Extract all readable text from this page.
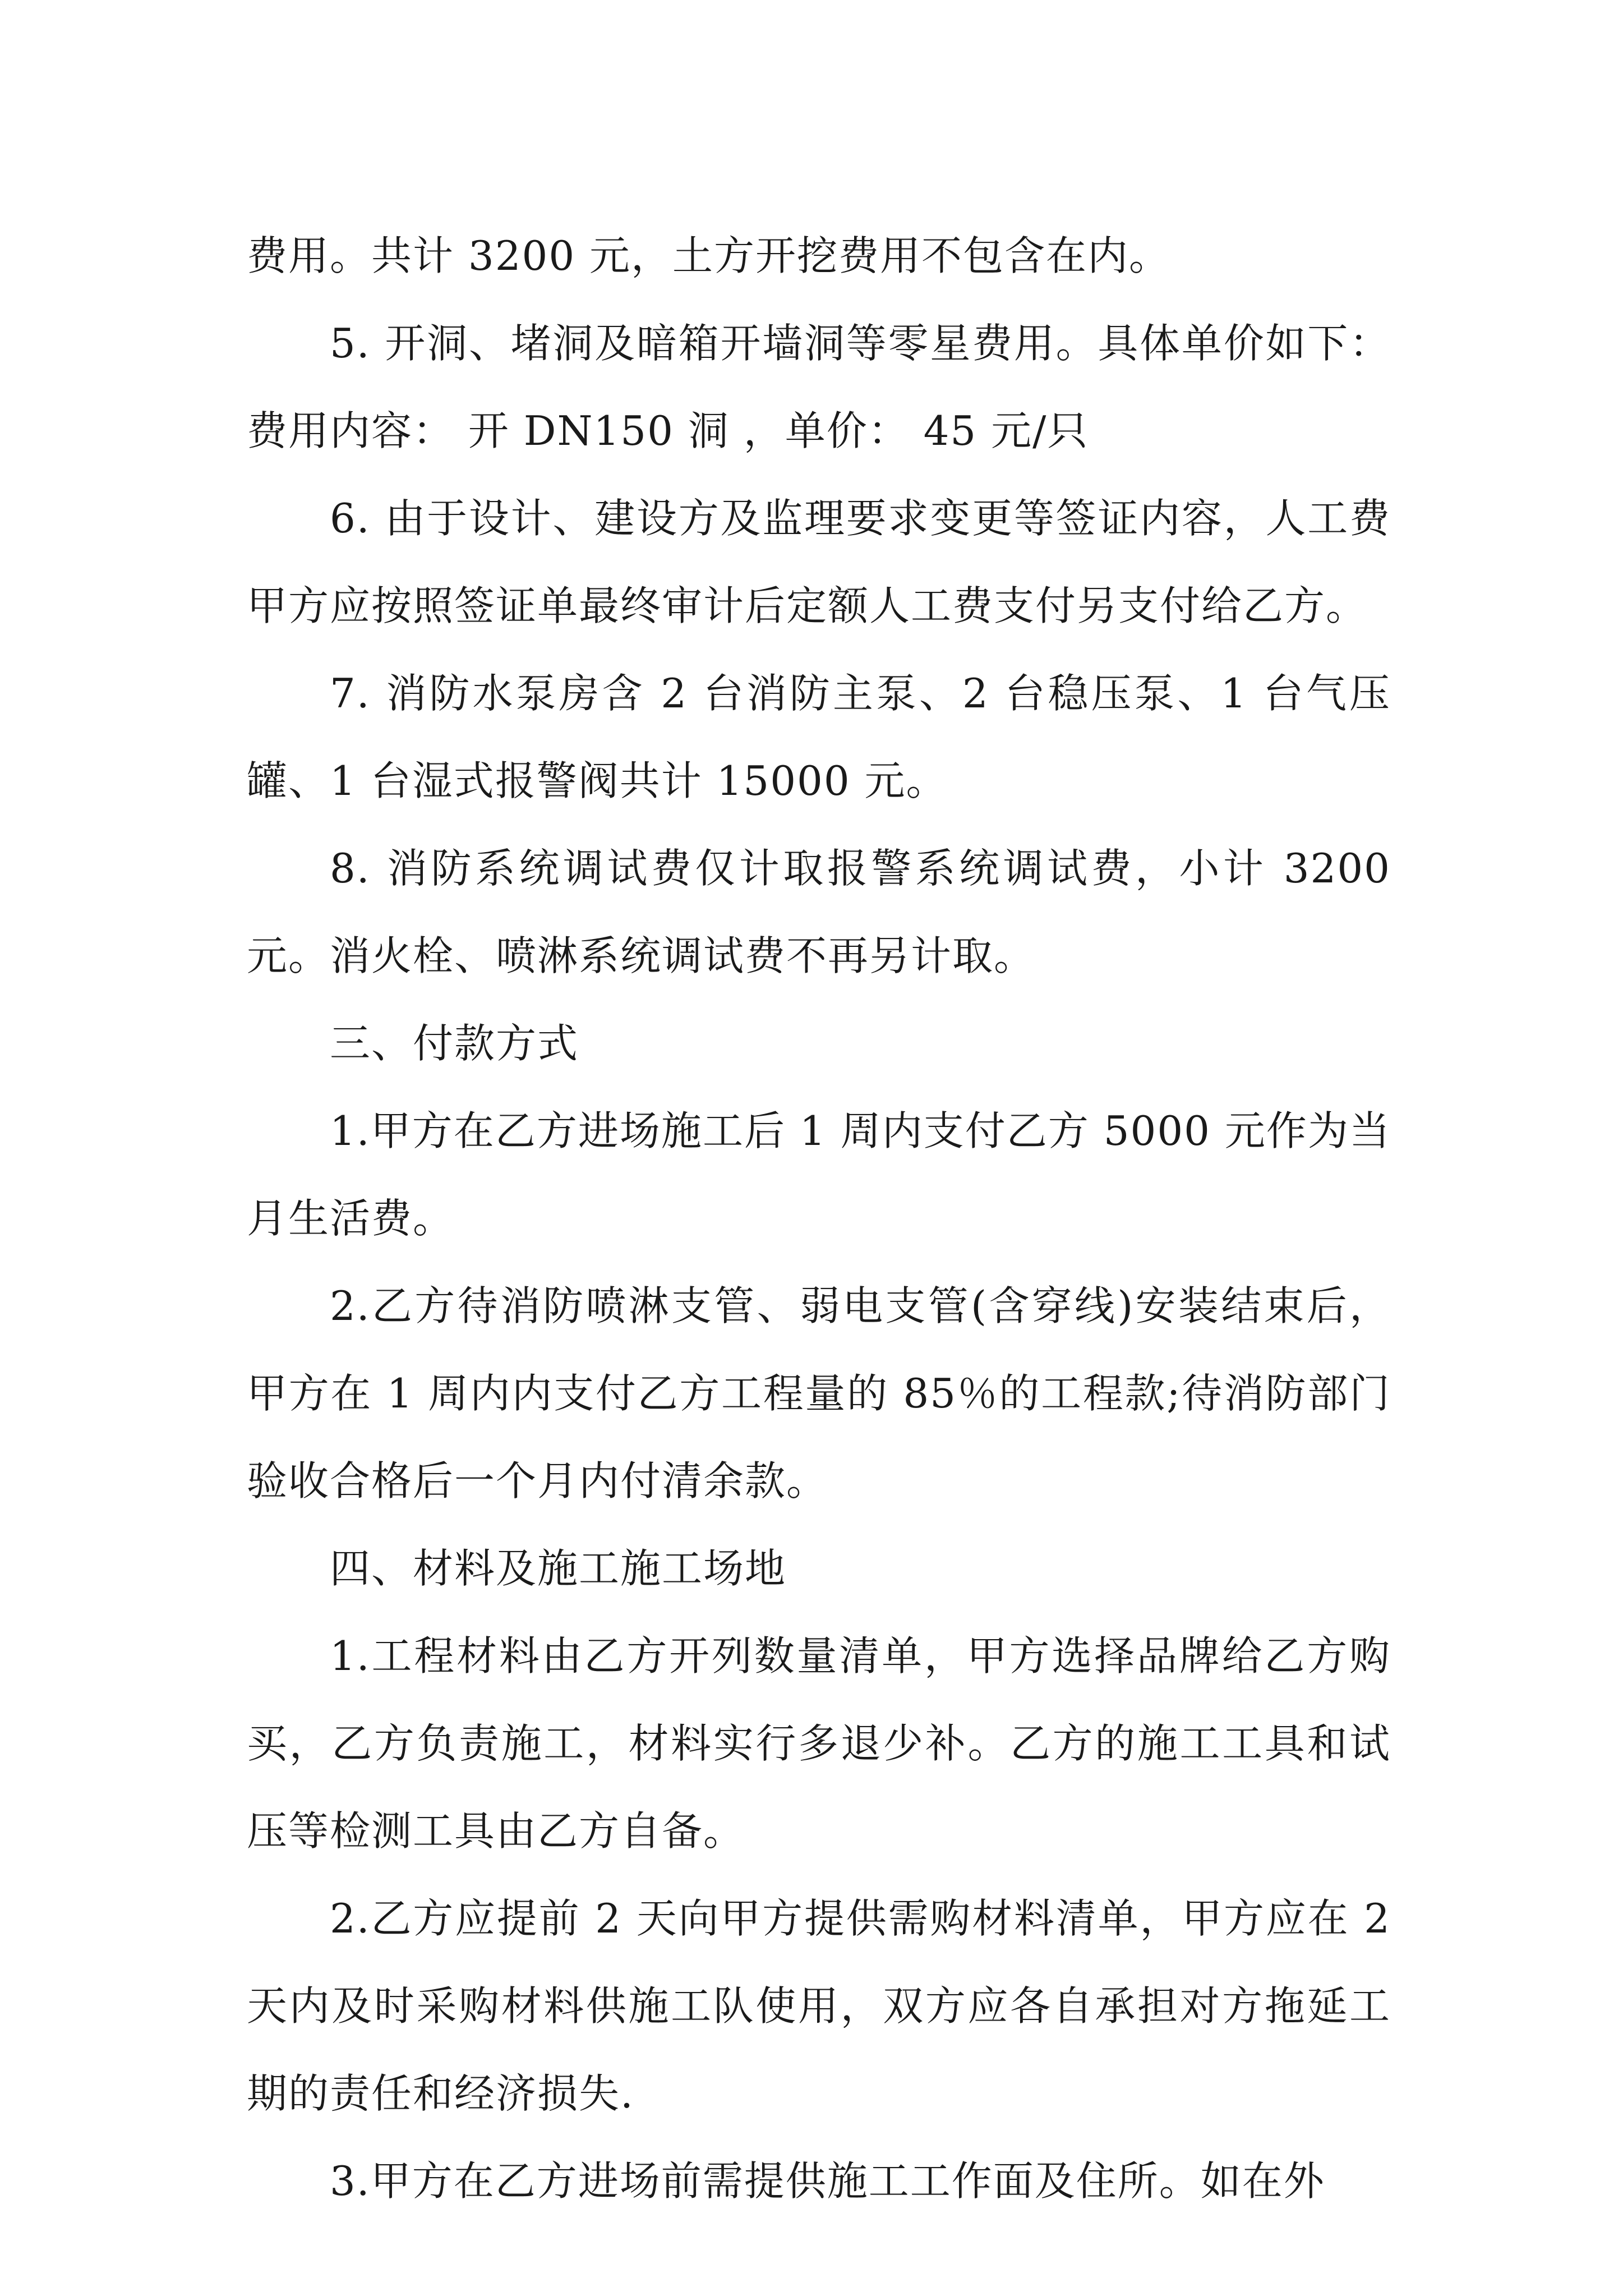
费用。共计 3200 元，土方开挖费用不包含在内。

5. 开洞、堵洞及暗箱开墙洞等零星费用。具体单价如下： 费用内容： 开 DN150 洞 ，单价： 45 元/只

6. 由于设计、建设方及监理要求变更等签证内容，人工费甲方应按照签证单最终审计后定额人工费支付另支付给乙方。

7. 消防水泵房含 2 台消防主泵、2 台稳压泵、1 台气压罐、1 台湿式报警阀共计 15000 元。

8. 消防系统调试费仅计取报警系统调试费，小计 3200 元。消火栓、喷淋系统调试费不再另计取。

三、付款方式

1.甲方在乙方进场施工后 1 周内支付乙方 5000 元作为当月生活费。

2.乙方待消防喷淋支管、弱电支管(含穿线)安装结束后，甲方在 1 周内内支付乙方工程量的 85％的工程款;待消防部门验收合格后一个月内付清余款。

四、材料及施工施工场地

1.工程材料由乙方开列数量清单，甲方选择品牌给乙方购买，乙方负责施工，材料实行多退少补。乙方的施工工具和试压等检测工具由乙方自备。

2.乙方应提前 2 天向甲方提供需购材料清单，甲方应在 2 天内及时采购材料供施工队使用，双方应各自承担对方拖延工期的责任和经济损失.

3.甲方在乙方进场前需提供施工工作面及住所。如在外
